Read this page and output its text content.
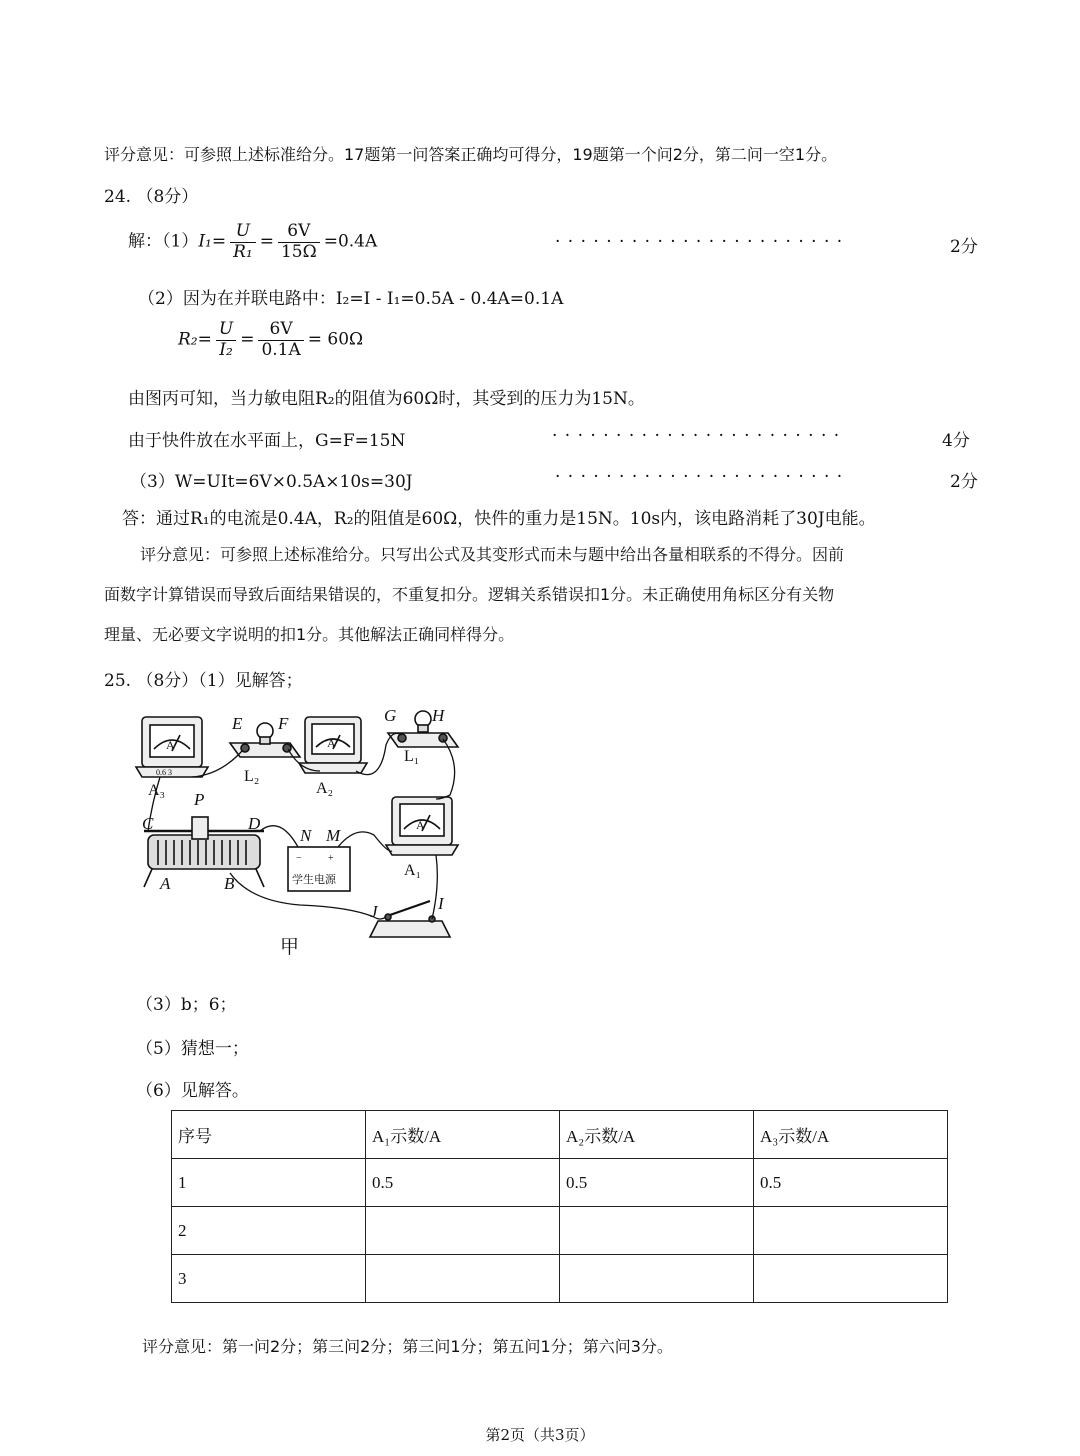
评分意见：可参照上述标准给分。17题第一问答案正确均可得分，19题第一个问2分，第二问一空1分。
24. （8分）
解：$(1)I_1= \frac{U}{\text{R₁}} = \frac{6V}{15\Omega} =0.4A$	· · · · · · · · · · · · · · · · · · · · · · ·	2分
（2）因为在并联电路中：I₂=I - I₁=0.5A - 0.4A=0.1A
$R_2= \frac{U}{\text{I₂}} = \frac{6V}{0.1A} = 60\Omega$
由图丙可知，当力敏电阻R₂的阻值为60Ω时，其受到的压力为15N。
由于快件放在水平面上，G=F=15N	· · · · · · · · · · · · · · · · · · · · · · ·	4分
（3）W=UIt=6V×0.5A×10s=30J	· · · · · · · · · · · · · · · · · · · · · · ·	2分
答：通过R₁的电流是0.4A，R₂的阻值是60Ω，快件的重力是15N。10s内，该电路消耗了30J电能。
评分意见：可参照上述标准给分。只写出公式及其变形式而未与题中给出各量相联系的不得分。因前
面数字计算错误而导致后面结果错误的，不重复扣分。逻辑关系错误扣1分。未正确使用角标区分有关物
理量、无必要文字说明的扣1分。其他解法正确同样得分。
25. （8分）（1）见解答；
A
0.6 3
A
A
−	+
学生电源
E F	G H
C
P
D
N M
A	B
J	I
L₂
L₁
A₃	A₂
A₁
甲
（3）b；6；
（5）猜想一；
（6）见解答。
序号	A₁示数/A	A₂示数/A	A₃示数/A
1	0.5	0.5	0.5
2			
3			
评分意见：第一问2分；第三问2分；第三问1分；第五问1分；第六问3分。
第2页（共3页）
